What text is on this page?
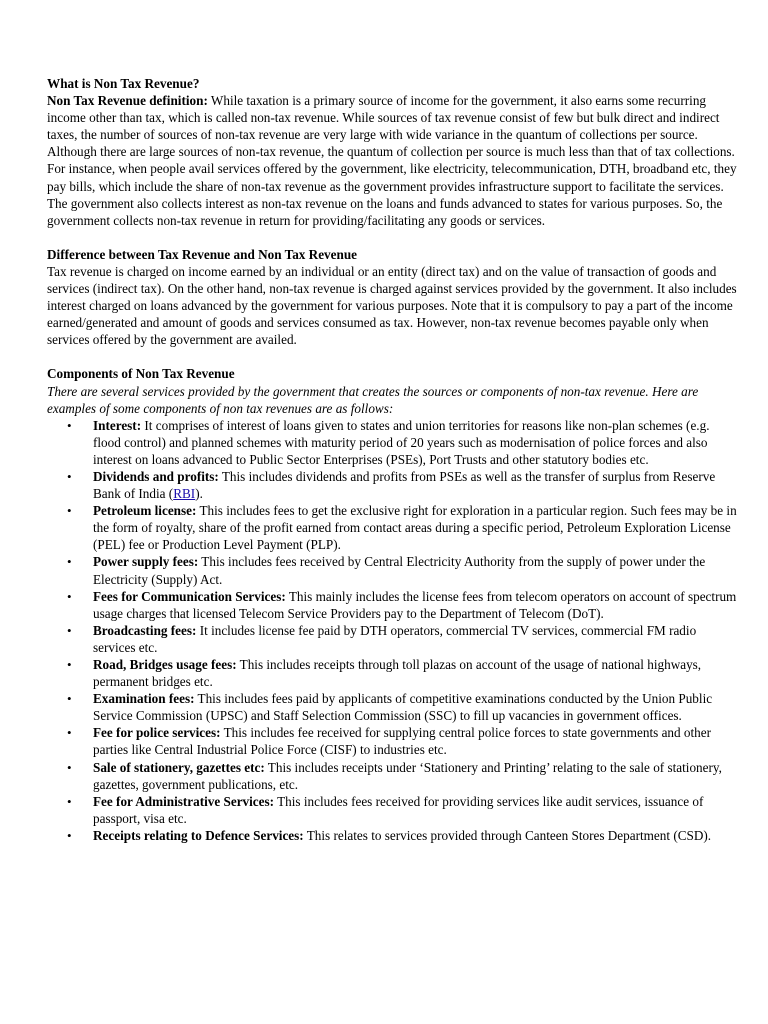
What is Non Tax Revenue?

Non Tax Revenue definition: While taxation is a primary source of income for the government, it also earns some recurring income other than tax, which is called non-tax revenue. While sources of tax revenue consist of few but bulk direct and indirect taxes, the number of sources of non-tax revenue are very large with wide variance in the quantum of collections per source. Although there are large sources of non-tax revenue, the quantum of collection per source is much less than that of tax collections. For instance, when people avail services offered by the government, like electricity, telecommunication, DTH, broadband etc, they pay bills, which include the share of non-tax revenue as the government provides infrastructure support to facilitate the services. The government also collects interest as non-tax revenue on the loans and funds advanced to states for various purposes. So, the government collects non-tax revenue in return for providing/facilitating any goods or services.

Difference between Tax Revenue and Non Tax Revenue

Tax revenue is charged on income earned by an individual or an entity (direct tax) and on the value of transaction of goods and services (indirect tax). On the other hand, non-tax revenue is charged against services provided by the government. It also includes interest charged on loans advanced by the government for various purposes. Note that it is compulsory to pay a part of the income earned/generated and amount of goods and services consumed as tax. However, non-tax revenue becomes payable only when services offered by the government are availed.

Components of Non Tax Revenue

There are several services provided by the government that creates the sources or components of non-tax revenue. Here are examples of some components of non tax revenues are as follows:

• Interest: It comprises of interest of loans given to states and union territories for reasons like non-plan schemes (e.g. flood control) and planned schemes with maturity period of 20 years such as modernisation of police forces and also interest on loans advanced to Public Sector Enterprises (PSEs), Port Trusts and other statutory bodies etc.
• Dividends and profits: This includes dividends and profits from PSEs as well as the transfer of surplus from Reserve Bank of India (RBI).
• Petroleum license: This includes fees to get the exclusive right for exploration in a particular region. Such fees may be in the form of royalty, share of the profit earned from contact areas during a specific period, Petroleum Exploration License (PEL) fee or Production Level Payment (PLP).
• Power supply fees: This includes fees received by Central Electricity Authority from the supply of power under the Electricity (Supply) Act.
• Fees for Communication Services: This mainly includes the license fees from telecom operators on account of spectrum usage charges that licensed Telecom Service Providers pay to the Department of Telecom (DoT).
• Broadcasting fees: It includes license fee paid by DTH operators, commercial TV services, commercial FM radio services etc.
• Road, Bridges usage fees: This includes receipts through toll plazas on account of the usage of national highways, permanent bridges etc.
• Examination fees: This includes fees paid by applicants of competitive examinations conducted by the Union Public Service Commission (UPSC) and Staff Selection Commission (SSC) to fill up vacancies in government offices.
• Fee for police services: This includes fee received for supplying central police forces to state governments and other parties like Central Industrial Police Force (CISF) to industries etc.
• Sale of stationery, gazettes etc: This includes receipts under ‘Stationery and Printing’ relating to the sale of stationery, gazettes, government publications, etc.
• Fee for Administrative Services: This includes fees received for providing services like audit services, issuance of passport, visa etc.
• Receipts relating to Defence Services: This relates to services provided through Canteen Stores Department (CSD).
